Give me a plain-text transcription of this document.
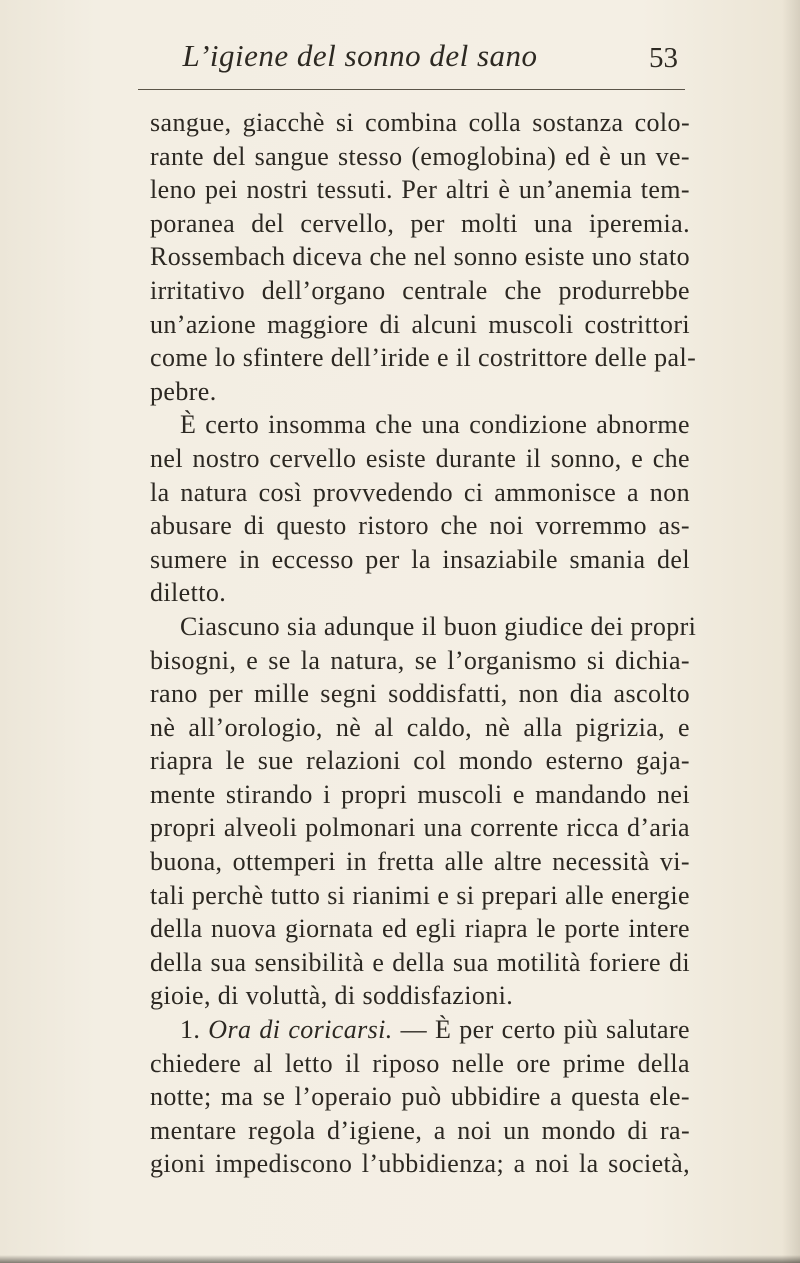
L’igiene del sonno del sano	53
sangue, giacchè si combina colla sostanza colo-
rante del sangue stesso (emoglobina) ed è un ve-
leno pei nostri tessuti. Per altri è un’anemia tem-
poranea del cervello, per molti una iperemia.
Rossembach diceva che nel sonno esiste uno stato
irritativo dell’organo centrale che produrrebbe
un’azione maggiore di alcuni muscoli costrittori
come lo sfintere dell’iride e il costrittore delle pal-
pebre.
È certo insomma che una condizione abnorme
nel nostro cervello esiste durante il sonno, e che
la natura così provvedendo ci ammonisce a non
abusare di questo ristoro che noi vorremmo as-
sumere in eccesso per la insaziabile smania del
diletto.
Ciascuno sia adunque il buon giudice dei propri
bisogni, e se la natura, se l’organismo si dichia-
rano per mille segni soddisfatti, non dia ascolto
nè all’orologio, nè al caldo, nè alla pigrizia, e
riapra le sue relazioni col mondo esterno gaja-
mente stirando i propri muscoli e mandando nei
propri alveoli polmonari una corrente ricca d’aria
buona, ottemperi in fretta alle altre necessità vi-
tali perchè tutto si rianimi e si prepari alle energie
della nuova giornata ed egli riapra le porte intere
della sua sensibilità e della sua motilità foriere di
gioie, di voluttà, di soddisfazioni.
1. Ora di coricarsi. — È per certo più salutare
chiedere al letto il riposo nelle ore prime della
notte; ma se l’operaio può ubbidire a questa ele-
mentare regola d’igiene, a noi un mondo di ra-
gioni impediscono l’ubbidienza; a noi la società,
